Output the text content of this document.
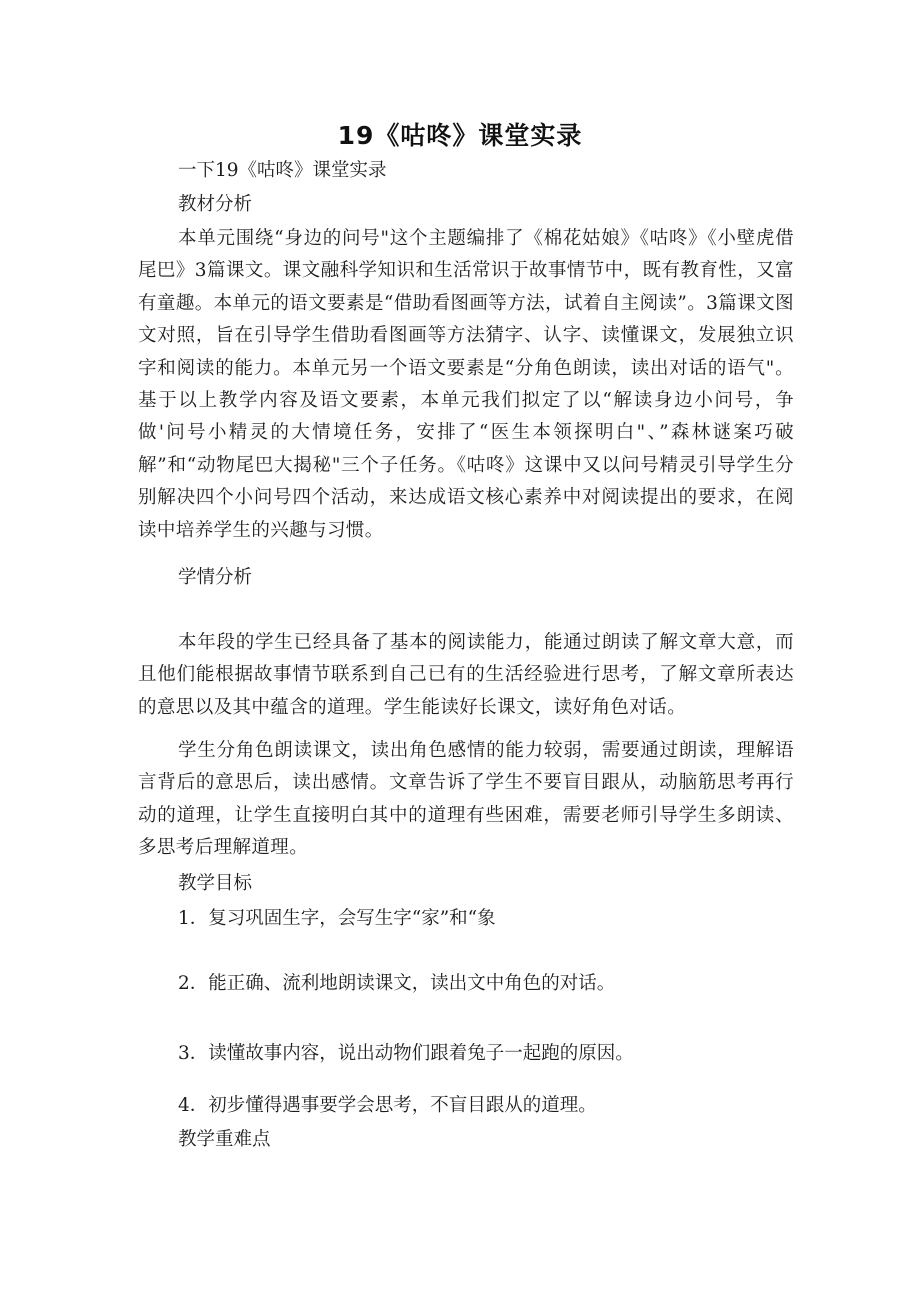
19《咕咚》课堂实录
一下19《咕咚》课堂实录
教材分析
本单元围绕“身边的问号"这个主题编排了《棉花姑娘》《咕咚》《小壁虎借尾巴》3篇课文。课文融科学知识和生活常识于故事情节中，既有教育性，又富有童趣。本单元的语文要素是“借助看图画等方法，试着自主阅读”。3篇课文图文对照，旨在引导学生借助看图画等方法猜字、认字、读懂课文，发展独立识字和阅读的能力。本单元另一个语文要素是“分角色朗读，读出对话的语气"。基于以上教学内容及语文要素，本单元我们拟定了以“解读身边小问号，争做'问号小精灵的大情境任务，安排了“医生本领探明白"、”森林谜案巧破解”和“动物尾巴大揭秘"三个子任务。《咕咚》这课中又以问号精灵引导学生分别解决四个小问号四个活动，来达成语文核心素养中对阅读提出的要求，在阅读中培养学生的兴趣与习惯。
学情分析
本年段的学生已经具备了基本的阅读能力，能通过朗读了解文章大意，而且他们能根据故事情节联系到自己已有的生活经验进行思考，了解文章所表达的意思以及其中蕴含的道理。学生能读好长课文，读好角色对话。
学生分角色朗读课文，读出角色感情的能力较弱，需要通过朗读，理解语言背后的意思后，读出感情。文章告诉了学生不要盲目跟从，动脑筋思考再行动的道理，让学生直接明白其中的道理有些困难，需要老师引导学生多朗读、多思考后理解道理。
教学目标
1．复习巩固生字，会写生字“家”和“象
2．能正确、流利地朗读课文，读出文中角色的对话。
3．读懂故事内容，说出动物们跟着兔子一起跑的原因。
4．初步懂得遇事要学会思考，不盲目跟从的道理。
教学重难点
